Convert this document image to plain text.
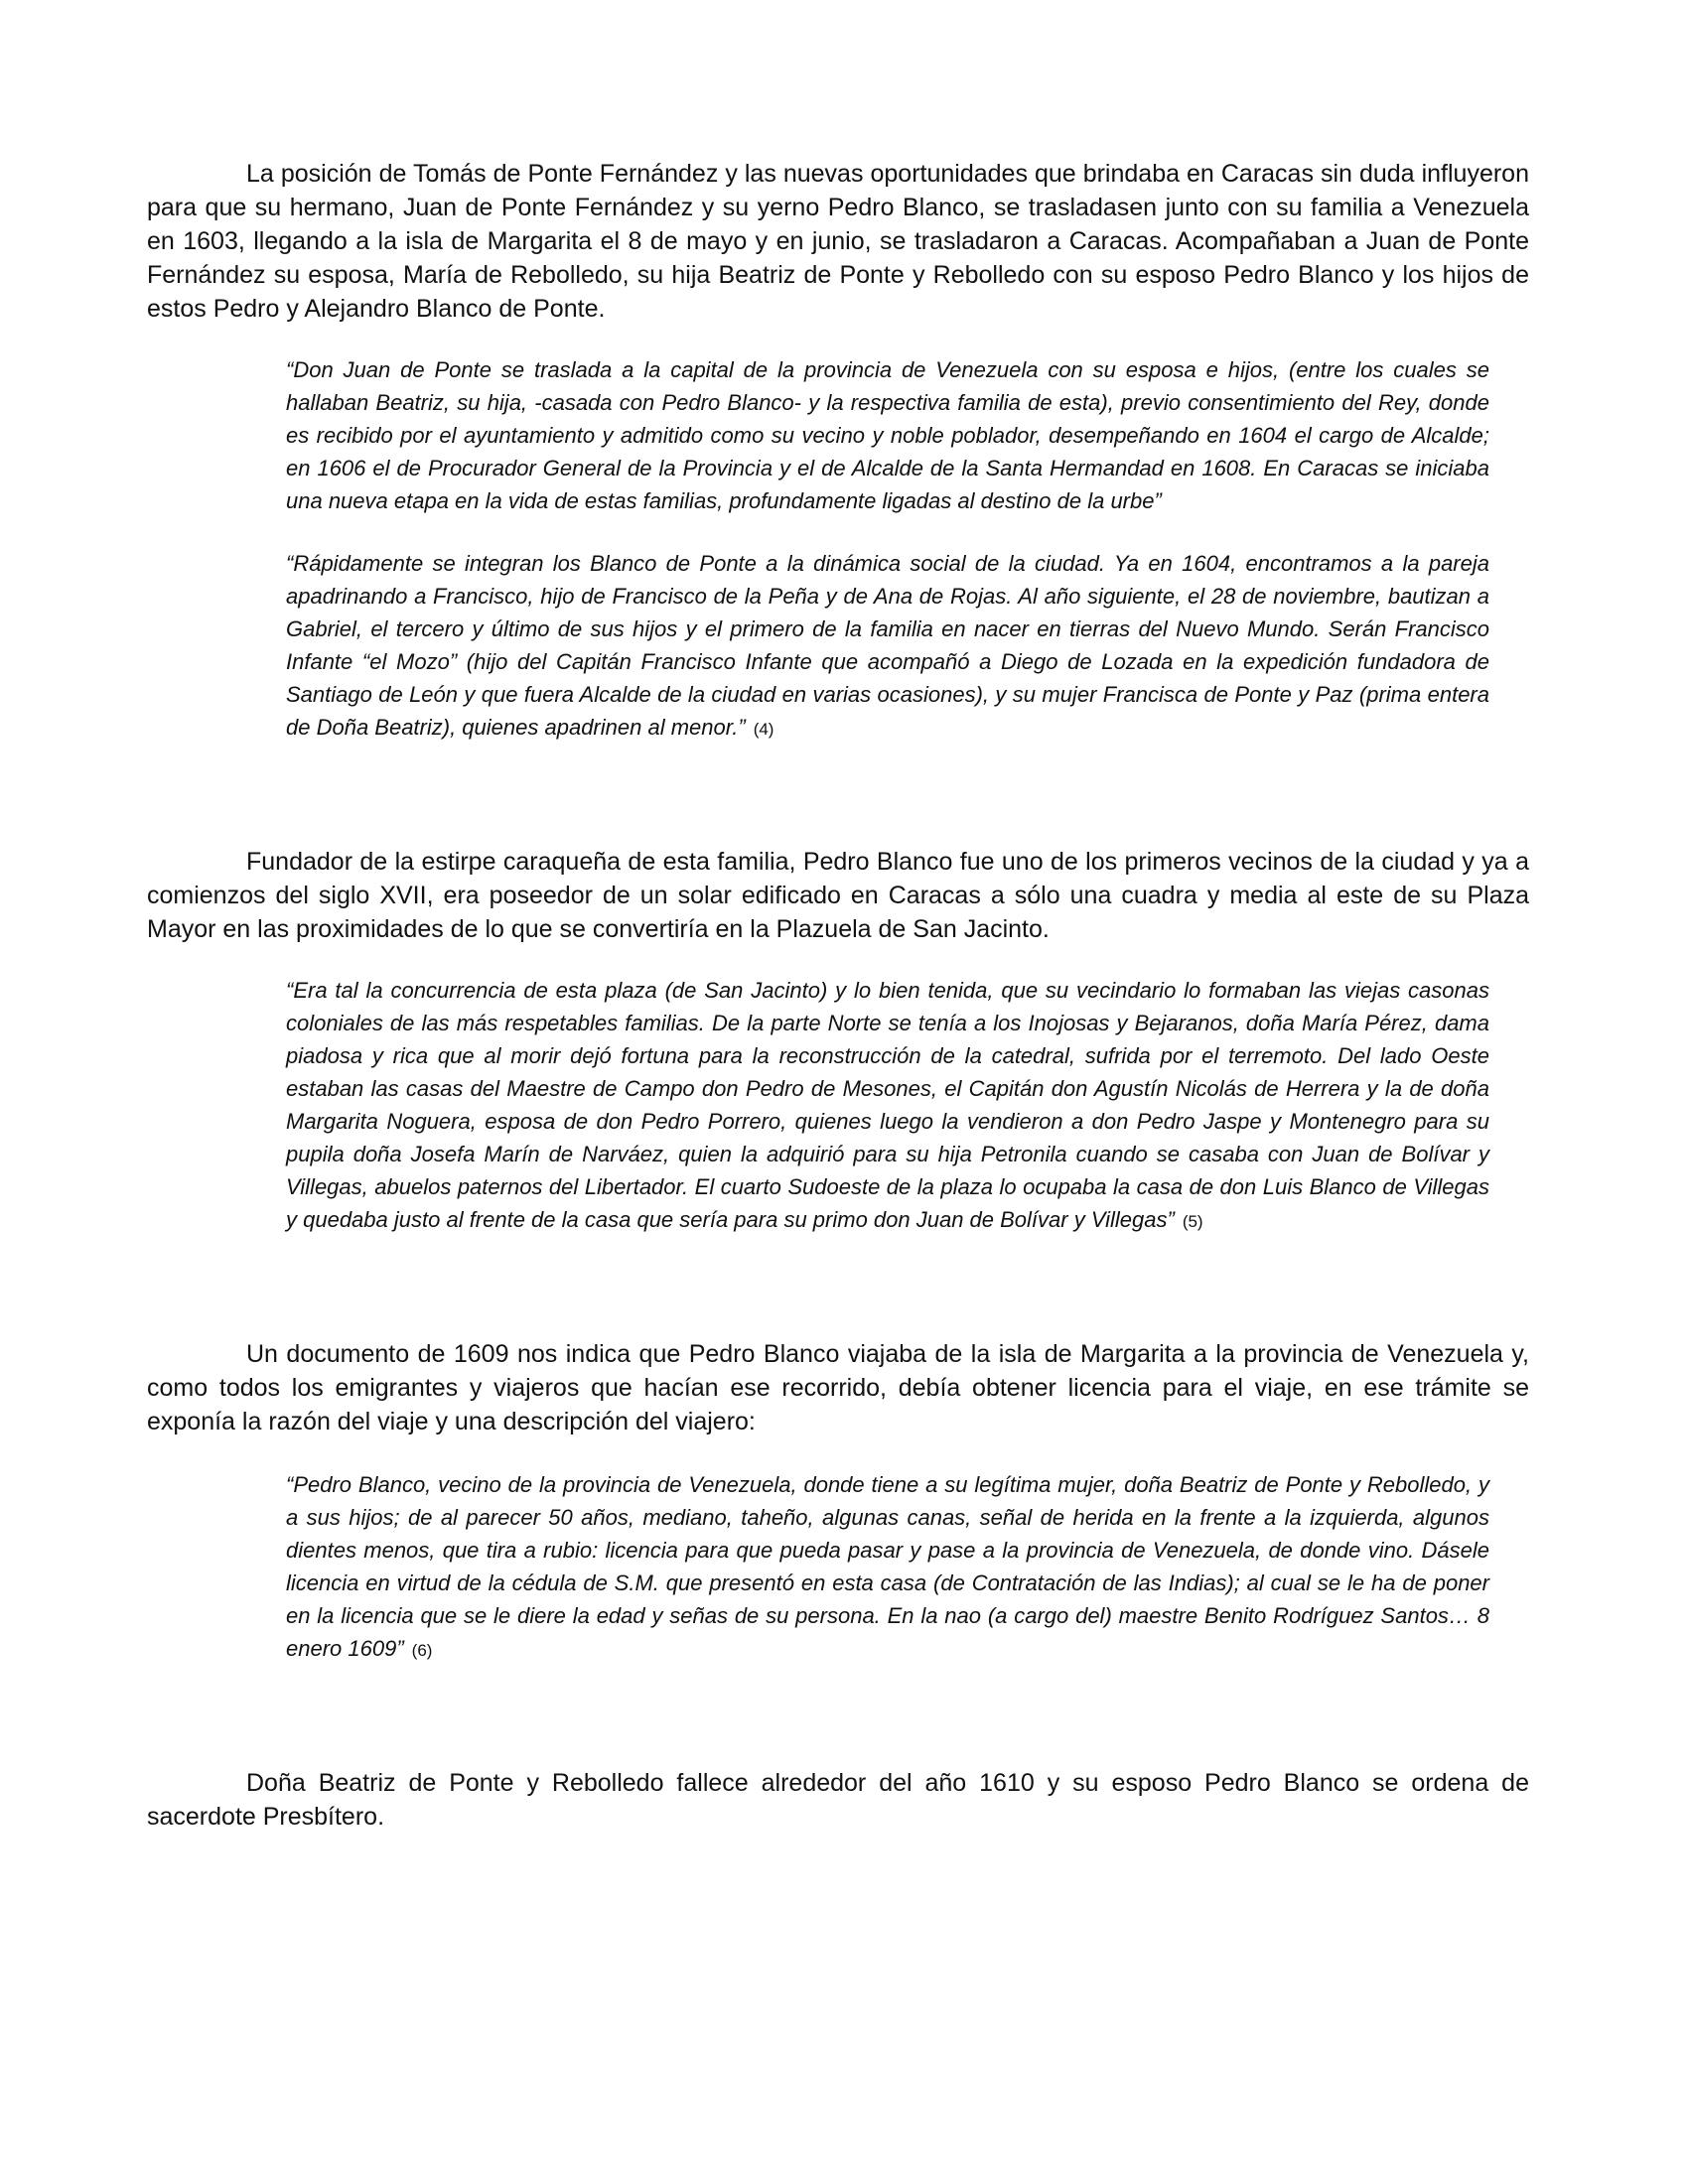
La posición de Tomás de Ponte Fernández y las nuevas oportunidades que brindaba en Caracas sin duda influyeron para que su hermano, Juan de Ponte Fernández y su yerno Pedro Blanco, se trasladasen junto con su familia a Venezuela en 1603, llegando a la isla de Margarita el 8 de mayo y en junio, se trasladaron a Caracas. Acompañaban a Juan de Ponte Fernández su esposa, María de Rebolledo, su hija Beatriz de Ponte y Rebolledo con su esposo Pedro Blanco y los hijos de estos Pedro y Alejandro Blanco de Ponte.

“Don Juan de Ponte se traslada a la capital de la provincia de Venezuela con su esposa e hijos, (entre los cuales se hallaban Beatriz, su hija, -casada con Pedro Blanco- y la respectiva familia de esta), previo consentimiento del Rey, donde es recibido por el ayuntamiento y admitido como su vecino y noble poblador, desempeñando en 1604 el cargo de Alcalde; en 1606 el de Procurador General de la Provincia y el de Alcalde de la Santa Hermandad en 1608. En Caracas se iniciaba una nueva etapa en la vida de estas familias, profundamente ligadas al destino de la urbe”

“Rápidamente se integran los Blanco de Ponte a la dinámica social de la ciudad. Ya en 1604, encontramos a la pareja apadrinando a Francisco, hijo de Francisco de la Peña y de Ana de Rojas. Al año siguiente, el 28 de noviembre, bautizan a Gabriel, el tercero y último de sus hijos y el primero de la familia en nacer en tierras del Nuevo Mundo. Serán Francisco Infante “el Mozo” (hijo del Capitán Francisco Infante que acompañó a Diego de Lozada en la expedición fundadora de Santiago de León y que fuera Alcalde de la ciudad en varias ocasiones), y su mujer Francisca de Ponte y Paz (prima entera de Doña Beatriz), quienes apadrinen al menor.” (4)

Fundador de la estirpe caraqueña de esta familia, Pedro Blanco fue uno de los primeros vecinos de la ciudad y ya a comienzos del siglo XVII, era poseedor de un solar edificado en Caracas a sólo una cuadra y media al este de su Plaza Mayor en las proximidades de lo que se convertiría en la Plazuela de San Jacinto.

“Era tal la concurrencia de esta plaza (de San Jacinto) y lo bien tenida, que su vecindario lo formaban las viejas casonas coloniales de las más respetables familias. De la parte Norte se tenía a los Inojosas y Bejaranos, doña María Pérez, dama piadosa y rica que al morir dejó fortuna para la reconstrucción de la catedral, sufrida por el terremoto. Del lado Oeste estaban las casas del Maestre de Campo don Pedro de Mesones, el Capitán don Agustín Nicolás de Herrera y la de doña Margarita Noguera, esposa de don Pedro Porrero, quienes luego la vendieron a don Pedro Jaspe y Montenegro para su pupila doña Josefa Marín de Narváez, quien la adquirió para su hija Petronila cuando se casaba con Juan de Bolívar y Villegas, abuelos paternos del Libertador. El cuarto Sudoeste de la plaza lo ocupaba la casa de don Luis Blanco de Villegas y quedaba justo al frente de la casa que sería para su primo don Juan de Bolívar y Villegas” (5)

Un documento de 1609 nos indica que Pedro Blanco viajaba de la isla de Margarita a la provincia de Venezuela y, como todos los emigrantes y viajeros que hacían ese recorrido, debía obtener licencia para el viaje, en ese trámite se exponía la razón del viaje y una descripción del viajero:

“Pedro Blanco, vecino de la provincia de Venezuela, donde tiene a su legítima mujer, doña Beatriz de Ponte y Rebolledo, y a sus hijos; de al parecer 50 años, mediano, taheño, algunas canas, señal de herida en la frente a la izquierda, algunos dientes menos, que tira a rubio: licencia para que pueda pasar y pase a la provincia de Venezuela, de donde vino. Dásele licencia en virtud de la cédula de S.M. que presentó en esta casa (de Contratación de las Indias); al cual se le ha de poner en la licencia que se le diere la edad y señas de su persona. En la nao (a cargo del) maestre Benito Rodríguez Santos… 8 enero 1609” (6)

Doña Beatriz de Ponte y Rebolledo fallece alrededor del año 1610 y su esposo Pedro Blanco se ordena de sacerdote Presbítero.
